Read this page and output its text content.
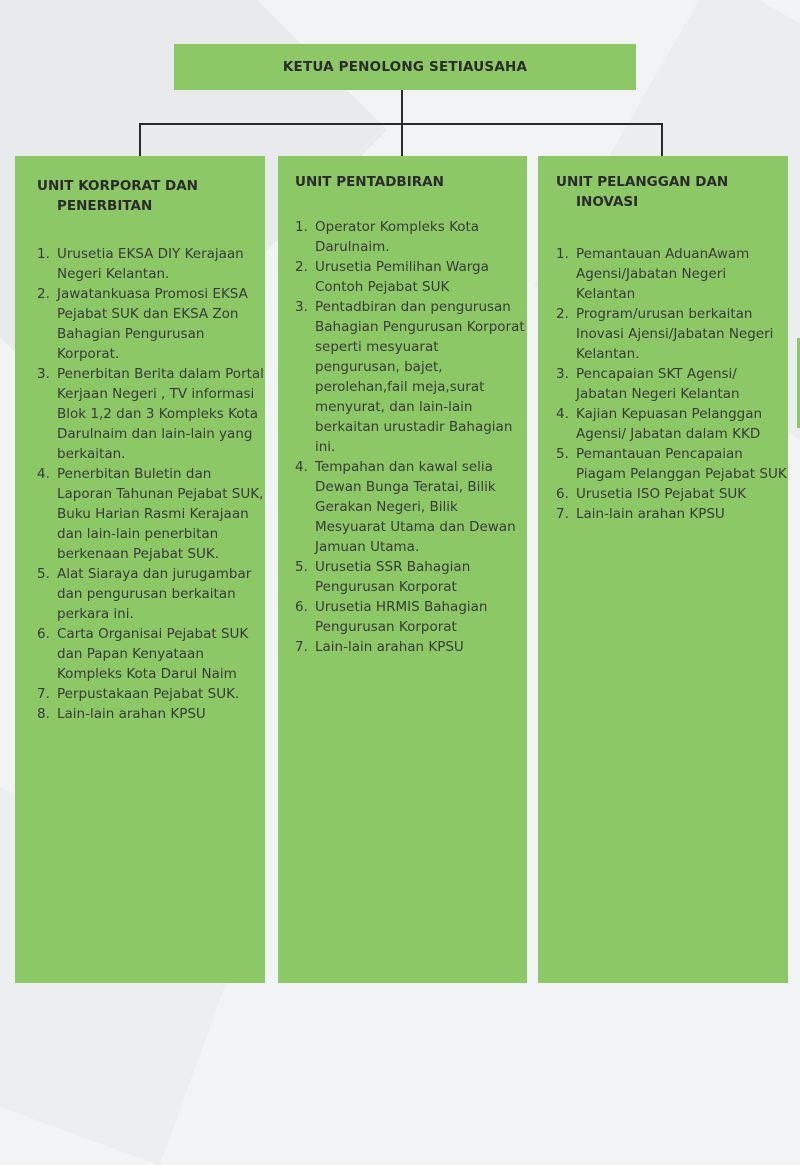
KETUA PENOLONG SETIAUSAHA
UNIT KORPORAT DAN
PENERBITAN
1. Urusetia EKSA DIY Kerajaan Negeri Kelantan.
2. Jawatankuasa Promosi EKSA Pejabat SUK dan EKSA Zon Bahagian Pengurusan Korporat.
3. Penerbitan Berita dalam Portal Kerjaan Negeri , TV informasi Blok 1,2 dan 3 Kompleks Kota Darulnaim dan lain-lain yang berkaitan.
4. Penerbitan Buletin dan Laporan Tahunan Pejabat SUK, Buku Harian Rasmi Kerajaan dan lain-lain penerbitan berkenaan Pejabat SUK.
5. Alat Siaraya dan jurugambar dan pengurusan berkaitan perkara ini.
6. Carta Organisai Pejabat SUK dan Papan Kenyataan Kompleks Kota Darul Naim
7. Perpustakaan Pejabat SUK.
8. Lain-lain arahan KPSU
UNIT PENTADBIRAN
1. Operator Kompleks Kota Darulnaim.
2. Urusetia Pemilihan Warga Contoh Pejabat SUK
3. Pentadbiran dan pengurusan Bahagian Pengurusan Korporat seperti mesyuarat pengurusan, bajet, perolehan,fail meja,surat menyurat, dan lain-lain berkaitan urustadir Bahagian ini.
4. Tempahan dan kawal selia Dewan Bunga Teratai, Bilik Gerakan Negeri, Bilik Mesyuarat Utama dan Dewan Jamuan Utama.
5. Urusetia SSR Bahagian Pengurusan Korporat
6. Urusetia HRMIS Bahagian Pengurusan Korporat
7. Lain-lain arahan KPSU
UNIT PELANGGAN DAN
INOVASI
1. Pemantauan AduanAwam Agensi/Jabatan Negeri Kelantan
2. Program/urusan berkaitan Inovasi Ajensi/Jabatan Negeri Kelantan.
3. Pencapaian SKT Agensi/ Jabatan Negeri Kelantan
4. Kajian Kepuasan Pelanggan Agensi/ Jabatan dalam KKD
5. Pemantauan Pencapaian Piagam Pelanggan Pejabat SUK
6. Urusetia ISO Pejabat SUK
7. Lain-lain arahan KPSU
